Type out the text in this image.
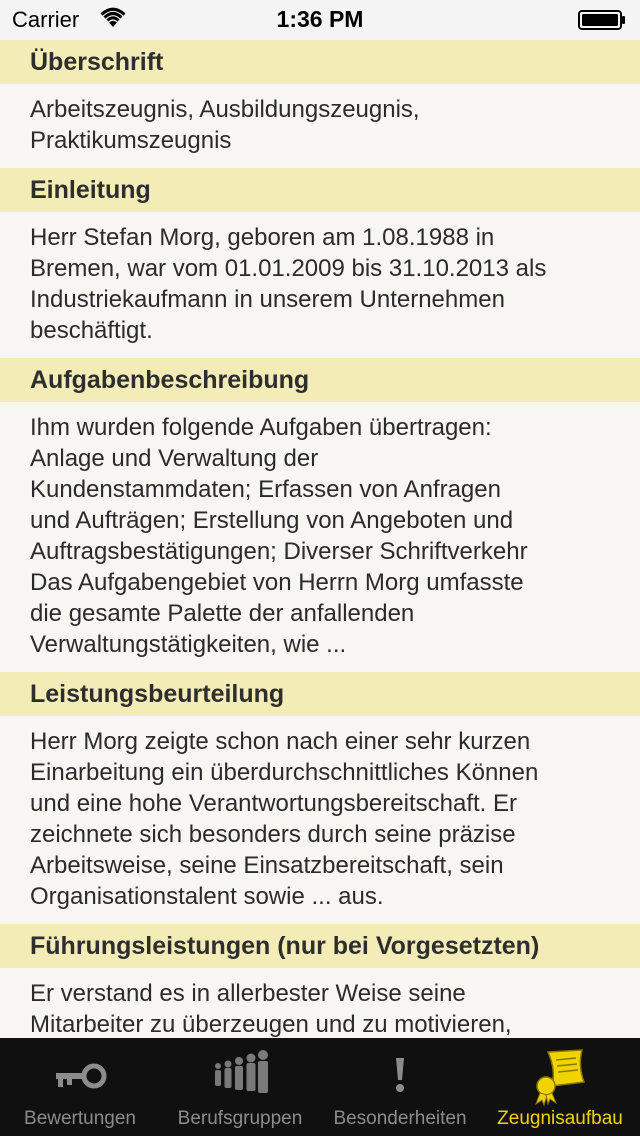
Carrier	1:36 PM
Überschrift
Arbeitszeugnis, Ausbildungszeugnis,
Praktikumszeugnis
Einleitung
Herr Stefan Morg, geboren am 1.08.1988 in
Bremen, war vom 01.01.2009 bis 31.10.2013 als
Industriekaufmann in unserem Unternehmen
beschäftigt.
Aufgabenbeschreibung
Ihm wurden folgende Aufgaben übertragen:
Anlage und Verwaltung der
Kundenstammdaten; Erfassen von Anfragen
und Aufträgen; Erstellung von Angeboten und
Auftragsbestätigungen; Diverser Schriftverkehr
Das Aufgabengebiet von Herrn Morg umfasste
die gesamte Palette der anfallenden
Verwaltungstätigkeiten, wie ...
Leistungsbeurteilung
Herr Morg zeigte schon nach einer sehr kurzen
Einarbeitung ein überdurchschnittliches Können
und eine hohe Verantwortungsbereitschaft. Er
zeichnete sich besonders durch seine präzise
Arbeitsweise, seine Einsatzbereitschaft, sein
Organisationstalent sowie ... aus.
Führungsleistungen (nur bei Vorgesetzten)
Er verstand es in allerbester Weise seine
Mitarbeiter zu überzeugen und zu motivieren,
Bewertungen	Berufsgruppen	Besonderheiten	Zeugnisaufbau
